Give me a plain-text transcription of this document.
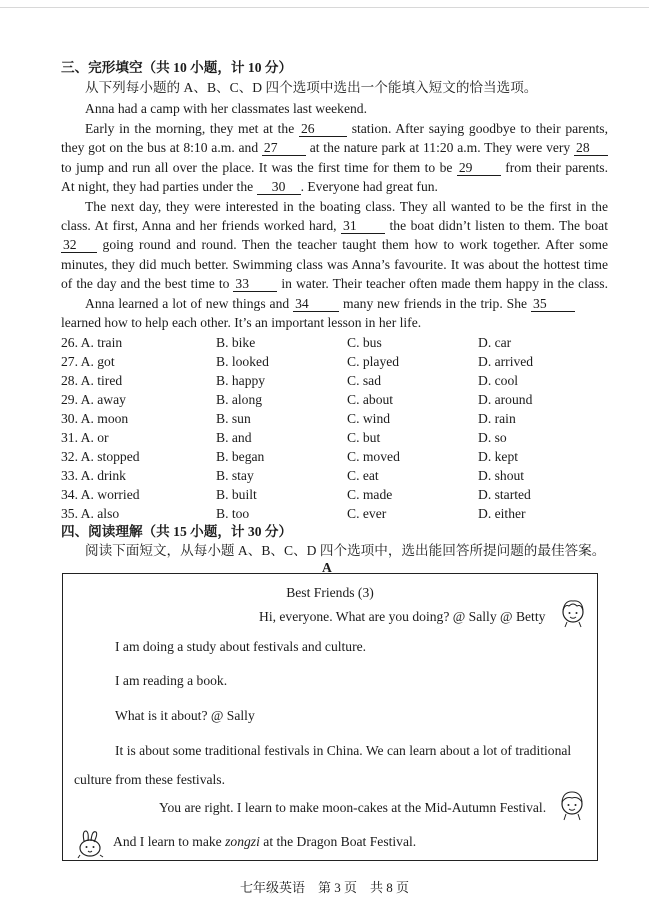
三、完形填空（共 10 小题，计 10 分）
从下列每小题的 A、B、C、D 四个选项中选出一个能填入短文的恰当选项。
Anna had a camp with her classmates last weekend.
Early in the morning, they met at the 26	station. After saying goodbye to their parents,
they got on the bus at 8:10 a.m. and 27 at the nature park at 11:20 a.m. They were very 28
to jump and run all over the place. It was the first time for them to be 29 from their parents.
At night, they had parties under the 30 . Everyone had great fun.
The next day, they were interested in the boating class. They all wanted to be the first in the
class. At first, Anna and her friends worked hard, 31 the boat didn’t listen to them. The boat
32 going round and round. Then the teacher taught them how to work together. After some
minutes, they did much better. Swimming class was Anna’s favourite. It was about the hottest time
of the day and the best time to 33 in water. Their teacher often made them happy in the class.
Anna learned a lot of new things and 34	many new friends in the trip. She 35
learned how to help each other. It’s an important lesson in her life.
26. A. train	B. bike	C. bus	D. car
27. A. got	B. looked	C. played	D. arrived
28. A. tired	B. happy	C. sad	D. cool
29. A. away	B. along	C. about	D. around
30. A. moon	B. sun	C. wind	D. rain
31. A. or	B. and	C. but	D. so
32. A. stopped	B. began	C. moved	D. kept
33. A. drink	B. stay	C. eat	D. shout
34. A. worried	B. built	C. made	D. started
35. A. also	B. too	C. ever	D. either
四、阅读理解（共 15 小题，计 30 分）
阅读下面短文，从每小题 A、B、C、D 四个选项中，选出能回答所提问题的最佳答案。
A
Best Friends (3)
Hi, everyone. What are you doing? @ Sally @ Betty
I am doing a study about festivals and culture.
I am reading a book.
What is it about? @ Sally
It is about some traditional festivals in China. We can learn about a lot of traditional
culture from these festivals.
You are right. I learn to make moon-cakes at the Mid-Autumn Festival.
And I learn to make zongzi at the Dragon Boat Festival.
七年级英语　第 3 页　共 8 页
